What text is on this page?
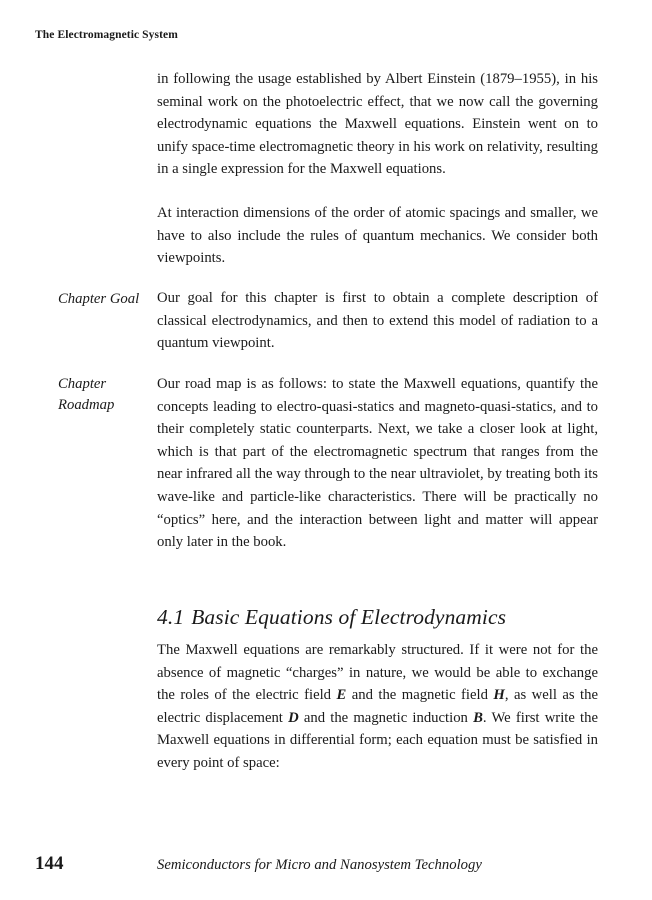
The Electromagnetic System

in following the usage established by Albert Einstein (1879–1955), in his seminal work on the photoelectric effect, that we now call the governing electrodynamic equations the Maxwell equations. Einstein went on to unify space-time electromagnetic theory in his work on relativity, resulting in a single expression for the Maxwell equations.

At interaction dimensions of the order of atomic spacings and smaller, we have to also include the rules of quantum mechanics. We consider both viewpoints.

Chapter Goal	Our goal for this chapter is first to obtain a complete description of classical electrodynamics, and then to extend this model of radiation to a quantum viewpoint.

Chapter
Roadmap

Our road map is as follows: to state the Maxwell equations, quantify the concepts leading to electro-quasi-statics and magneto-quasi-statics, and to their completely static counterparts. Next, we take a closer look at light, which is that part of the electromagnetic spectrum that ranges from the near infrared all the way through to the near ultraviolet, by treating both its wave-like and particle-like characteristics. There will be practically no “optics” here, and the interaction between light and matter will appear only later in the book.

4.1 Basic Equations of Electrodynamics

The Maxwell equations are remarkably structured. If it were not for the absence of magnetic “charges” in nature, we would be able to exchange the roles of the electric field E and the magnetic field H, as well as the electric displacement D and the magnetic induction B. We first write the Maxwell equations in differential form; each equation must be satisfied in every point of space:

144	Semiconductors for Micro and Nanosystem Technology
